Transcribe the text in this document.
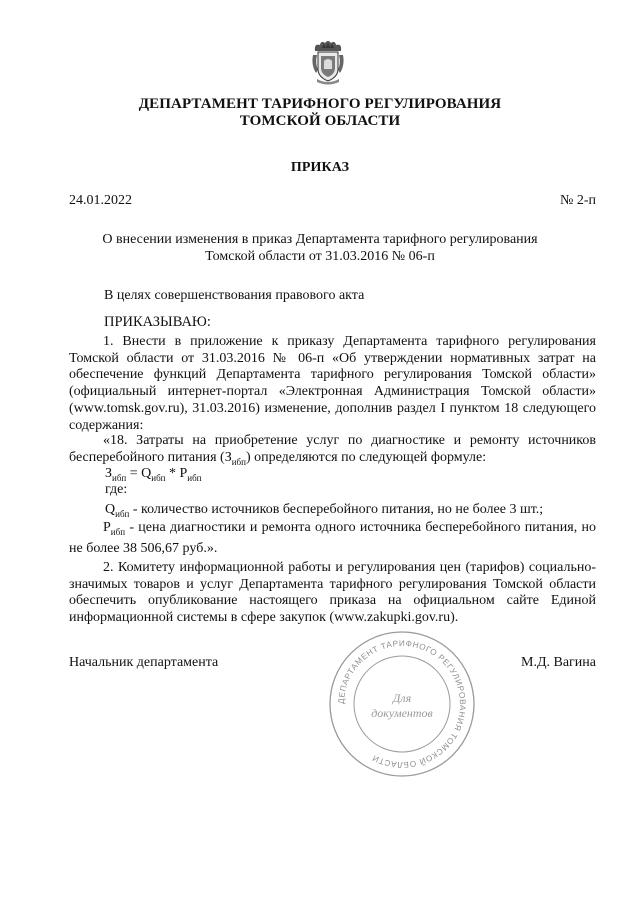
ДЕПАРТАМЕНТ ТАРИФНОГО РЕГУЛИРОВАНИЯ
ТОМСКОЙ ОБЛАСТИ
ПРИКАЗ
24.01.2022	№ 2-п
О внесении изменения в приказ Департамента тарифного регулирования
Томской области от 31.03.2016 № 06-п
В целях совершенствования правового акта
ПРИКАЗЫВАЮ:

1. Внести в приложение к приказу Департамента тарифного регулирования Томской области от 31.03.2016 № 06-п «Об утверждении нормативных затрат на обеспечение функций Департамента тарифного регулирования Томской области» (официальный интернет-портал «Электронная Администрация Томской области» (www.tomsk.gov.ru), 31.03.2016) изменение, дополнив раздел I пунктом 18 следующего содержания:

«18. Затраты на приобретение услуг по диагностике и ремонту источников бесперебойного питания $(З_{ибп})$ определяются по следующей формуле:

$З_{ибп} = Q_{ибп} * P_{ибп}$
где:
$Q_{ибп}$ - количество источников бесперебойного питания, но не более 3 шт.;

$P_{ибп}$ - цена диагностики и ремонта одного источника бесперебойного питания, но не более 38 506,67 руб.».

2. Комитету информационной работы и регулирования цен (тарифов) социально-значимых товаров и услуг Департамента тарифного регулирования Томской области обеспечить опубликование настоящего приказа на официальном сайте Единой информационной системы в сфере закупок (www.zakupki.gov.ru).

Начальник департамента	М.Д. Вагина
ДЕПАРТАМЕНТ ТАРИФНОГО РЕГУЛИРОВАНИЯ ТОМСКОЙ ОБЛАСТИ
Для
документов
